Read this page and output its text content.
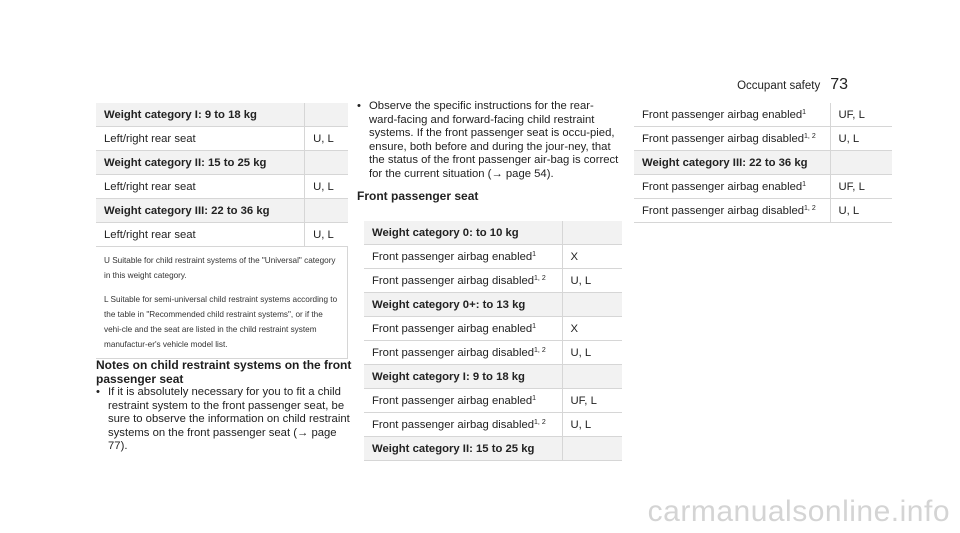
Occupant safety 73
Weight category I: 9 to 18 kg	
Left/right rear seat	U, L
Weight category II: 15 to 25 kg	
Left/right rear seat	U, L
Weight category III: 22 to 36 kg	
Left/right rear seat	U, L

U Suitable for child restraint systems of the "Universal" category in this weight category.
L Suitable for semi-universal child restraint systems according to the table in "Recommended child restraint systems", or if the vehi-cle and the seat are listed in the child restraint system manufactur-er's vehicle model list.	
Notes on child restraint systems on the front passenger seat
• If it is absolutely necessary for you to fit a child restraint system to the front passenger seat, be sure to observe the information on child restraint systems on the front passenger seat (→ page 77).
• Observe the specific instructions for the rear-ward-facing and forward-facing child restraint systems. If the front passenger seat is occu-pied, ensure, both before and during the jour-ney, that the status of the front passenger air-bag is correct for the current situation (→ page 54).
Front passenger seat
Weight category 0: to 10 kg	
Front passenger airbag enabled$^1$	X
Front passenger airbag disabled$^{1, 2}$	U, L
Weight category 0+: to 13 kg	
Front passenger airbag enabled$^1$	X
Front passenger airbag disabled$^{1, 2}$	U, L
Weight category I: 9 to 18 kg	
Front passenger airbag enabled$^1$	UF, L
Front passenger airbag disabled$^{1, 2}$	U, L
Weight category II: 15 to 25 kg	
Front passenger airbag enabled$^1$	UF, L
Front passenger airbag disabled$^{1, 2}$	U, L
Weight category III: 22 to 36 kg	
Front passenger airbag enabled$^1$	UF, L
Front passenger airbag disabled$^{1, 2}$	U, L
carmanualsonline.info
